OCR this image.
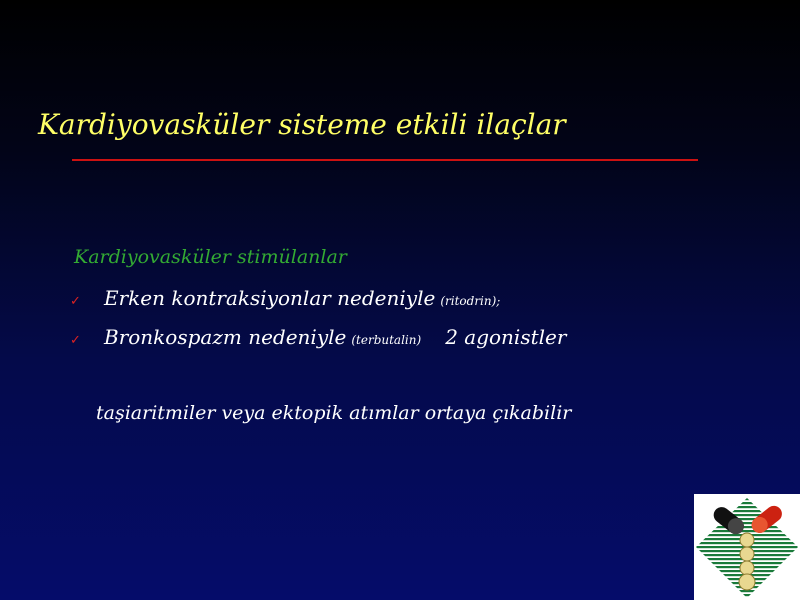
Kardiyovasküler sisteme etkili ilaçlar
Kardiyovasküler stimülanlar
✓	Erken kontraksiyonlar nedeniyle (ritodrin);
✓	Bronkospazm nedeniyle (terbutalin) 2 agonistler
taşiaritmiler veya ektopik atımlar ortaya çıkabilir
